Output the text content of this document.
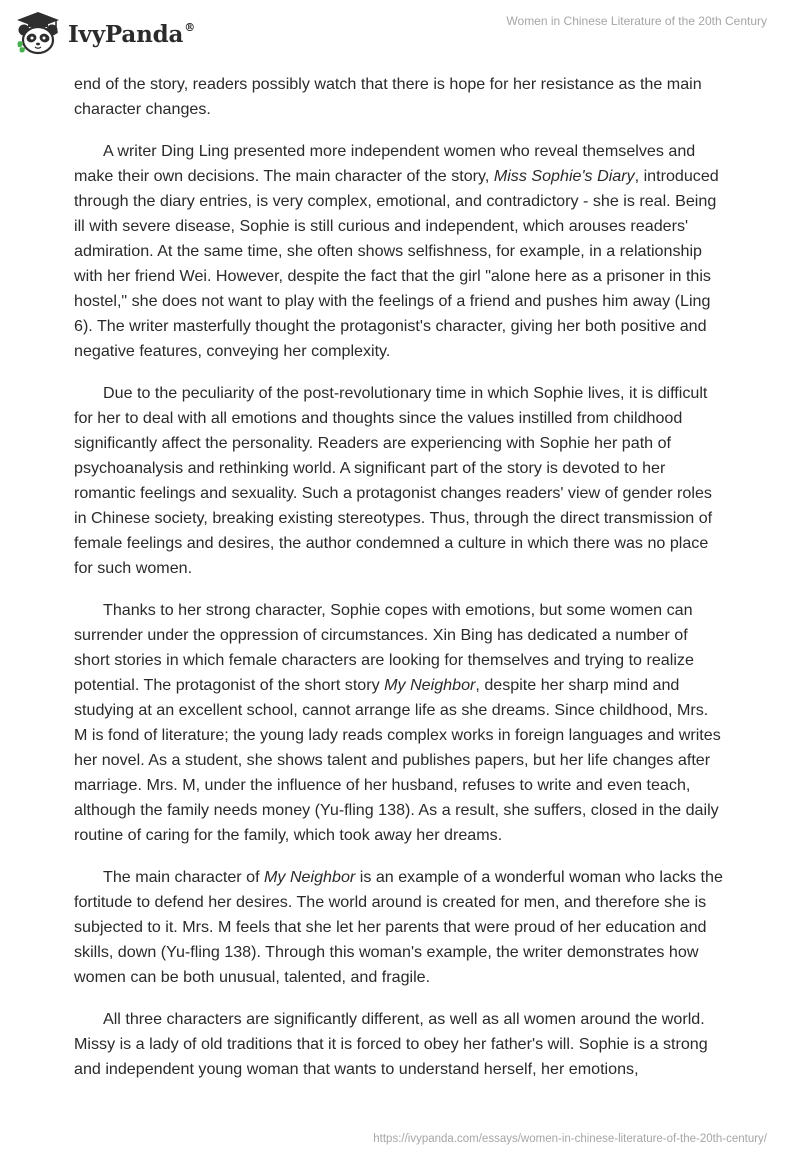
IvyPanda®	Women in Chinese Literature of the 20th Century

end of the story, readers possibly watch that there is hope for her resistance as the main character changes.

A writer Ding Ling presented more independent women who reveal themselves and make their own decisions. The main character of the story, Miss Sophie's Diary, introduced through the diary entries, is very complex, emotional, and contradictory - she is real. Being ill with severe disease, Sophie is still curious and independent, which arouses readers' admiration. At the same time, she often shows selfishness, for example, in a relationship with her friend Wei. However, despite the fact that the girl "alone here as a prisoner in this hostel," she does not want to play with the feelings of a friend and pushes him away (Ling 6). The writer masterfully thought the protagonist's character, giving her both positive and negative features, conveying her complexity.

Due to the peculiarity of the post-revolutionary time in which Sophie lives, it is difficult for her to deal with all emotions and thoughts since the values instilled from childhood significantly affect the personality. Readers are experiencing with Sophie her path of psychoanalysis and rethinking world. A significant part of the story is devoted to her romantic feelings and sexuality. Such a protagonist changes readers' view of gender roles in Chinese society, breaking existing stereotypes. Thus, through the direct transmission of female feelings and desires, the author condemned a culture in which there was no place for such women.

Thanks to her strong character, Sophie copes with emotions, but some women can surrender under the oppression of circumstances. Xin Bing has dedicated a number of short stories in which female characters are looking for themselves and trying to realize potential. The protagonist of the short story My Neighbor, despite her sharp mind and studying at an excellent school, cannot arrange life as she dreams. Since childhood, Mrs. M is fond of literature; the young lady reads complex works in foreign languages and writes her novel. As a student, she shows talent and publishes papers, but her life changes after marriage. Mrs. M, under the influence of her husband, refuses to write and even teach, although the family needs money (Yu-fling 138). As a result, she suffers, closed in the daily routine of caring for the family, which took away her dreams.

The main character of My Neighbor is an example of a wonderful woman who lacks the fortitude to defend her desires. The world around is created for men, and therefore she is subjected to it. Mrs. M feels that she let her parents that were proud of her education and skills, down (Yu-fling 138). Through this woman's example, the writer demonstrates how women can be both unusual, talented, and fragile.

All three characters are significantly different, as well as all women around the world. Missy is a lady of old traditions that it is forced to obey her father's will. Sophie is a strong and independent young woman that wants to understand herself, her emotions,

https://ivypanda.com/essays/women-in-chinese-literature-of-the-20th-century/
